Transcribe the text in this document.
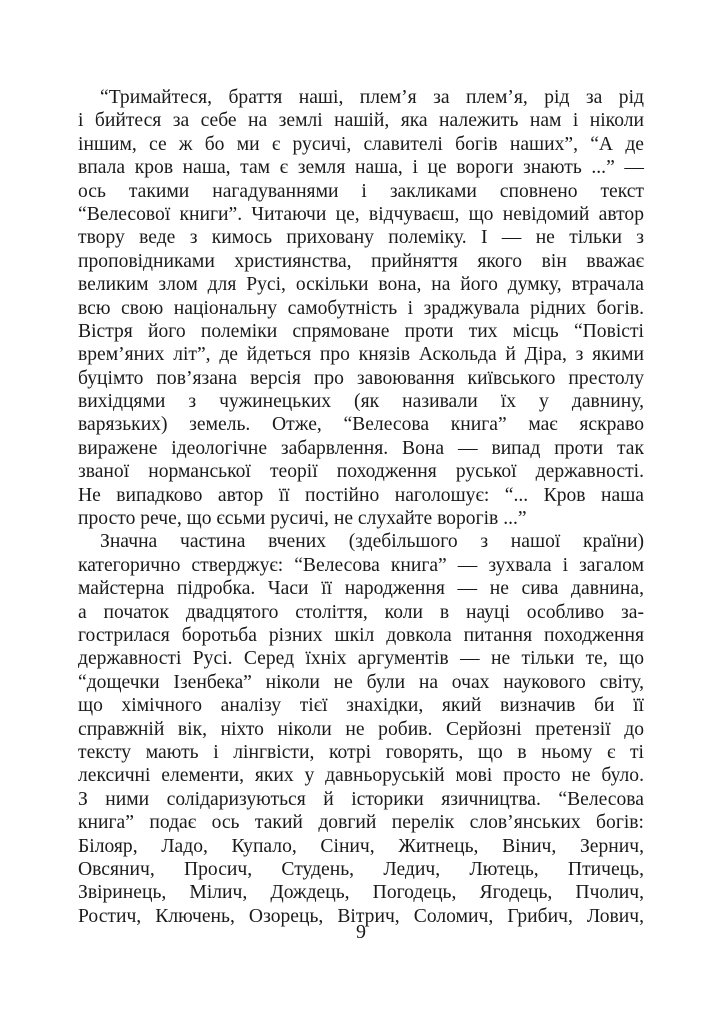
“Тримайтеся, браття наші, плем’я за плем’я, рід за рід
і бийтеся за себе на землі нашій, яка належить нам і ніколи
іншим, се ж бо ми є русичі, славителі богів наших”, “А де
впала кров наша, там є земля наша, і це вороги знають ...” —
ось такими нагадуваннями і закликами сповнено текст
“Велесової книги”. Читаючи це, відчуваєш, що невідомий автор
твору веде з кимось приховану полеміку. І — не тільки з
проповідниками християнства, прийняття якого він вважає
великим злом для Русі, оскільки вона, на його думку, втрачала
всю свою національну самобутність і зраджувала рідних богів.
Вістря його полеміки спрямоване проти тих місць “Повісті
врем’яних літ”, де йдеться про князів Аскольда й Діра, з якими
буцімто пов’язана версія про завоювання київського престолу
вихідцями з чужинецьких (як називали їх у давнину,
варязьких) земель. Отже, “Велесова книга” має яскраво
виражене ідеологічне забарвлення. Вона — випад проти так
званої норманської теорії походження руської державності.
Не випадково автор її постійно наголошує: “... Кров наша
просто рече, що єсьми русичі, не слухайте ворогів ...”
Значна частина вчених (здебільшого з нашої країни)
категорично стверджує: “Велесова книга” — зухвала і загалом
майстерна підробка. Часи її народження — не сива давнина,
а початок двадцятого століття, коли в науці особливо за-
гострилася боротьба різних шкіл довкола питання походження
державності Русі. Серед їхніх аргументів — не тільки те, що
“дощечки Ізенбека” ніколи не були на очах наукового світу,
що хімічного аналізу тієї знахідки, який визначив би її
справжній вік, ніхто ніколи не робив. Серйозні претензії до
тексту мають і лінгвісти, котрі говорять, що в ньому є ті
лексичні елементи, яких у давньоруській мові просто не було.
З ними солідаризуються й історики язичництва. “Велесова
книга” подає ось такий довгий перелік слов’янських богів:
Білояр, Ладо, Купало, Сінич, Житнець, Вінич, Зернич,
Овсянич, Просич, Студень, Ледич, Лютець, Птичець,
Звіринець, Мілич, Дождець, Погодець, Ягодець, Пчолич,
Ростич, Ключень, Озорець, Вітрич, Соломич, Грибич, Лович,
9
